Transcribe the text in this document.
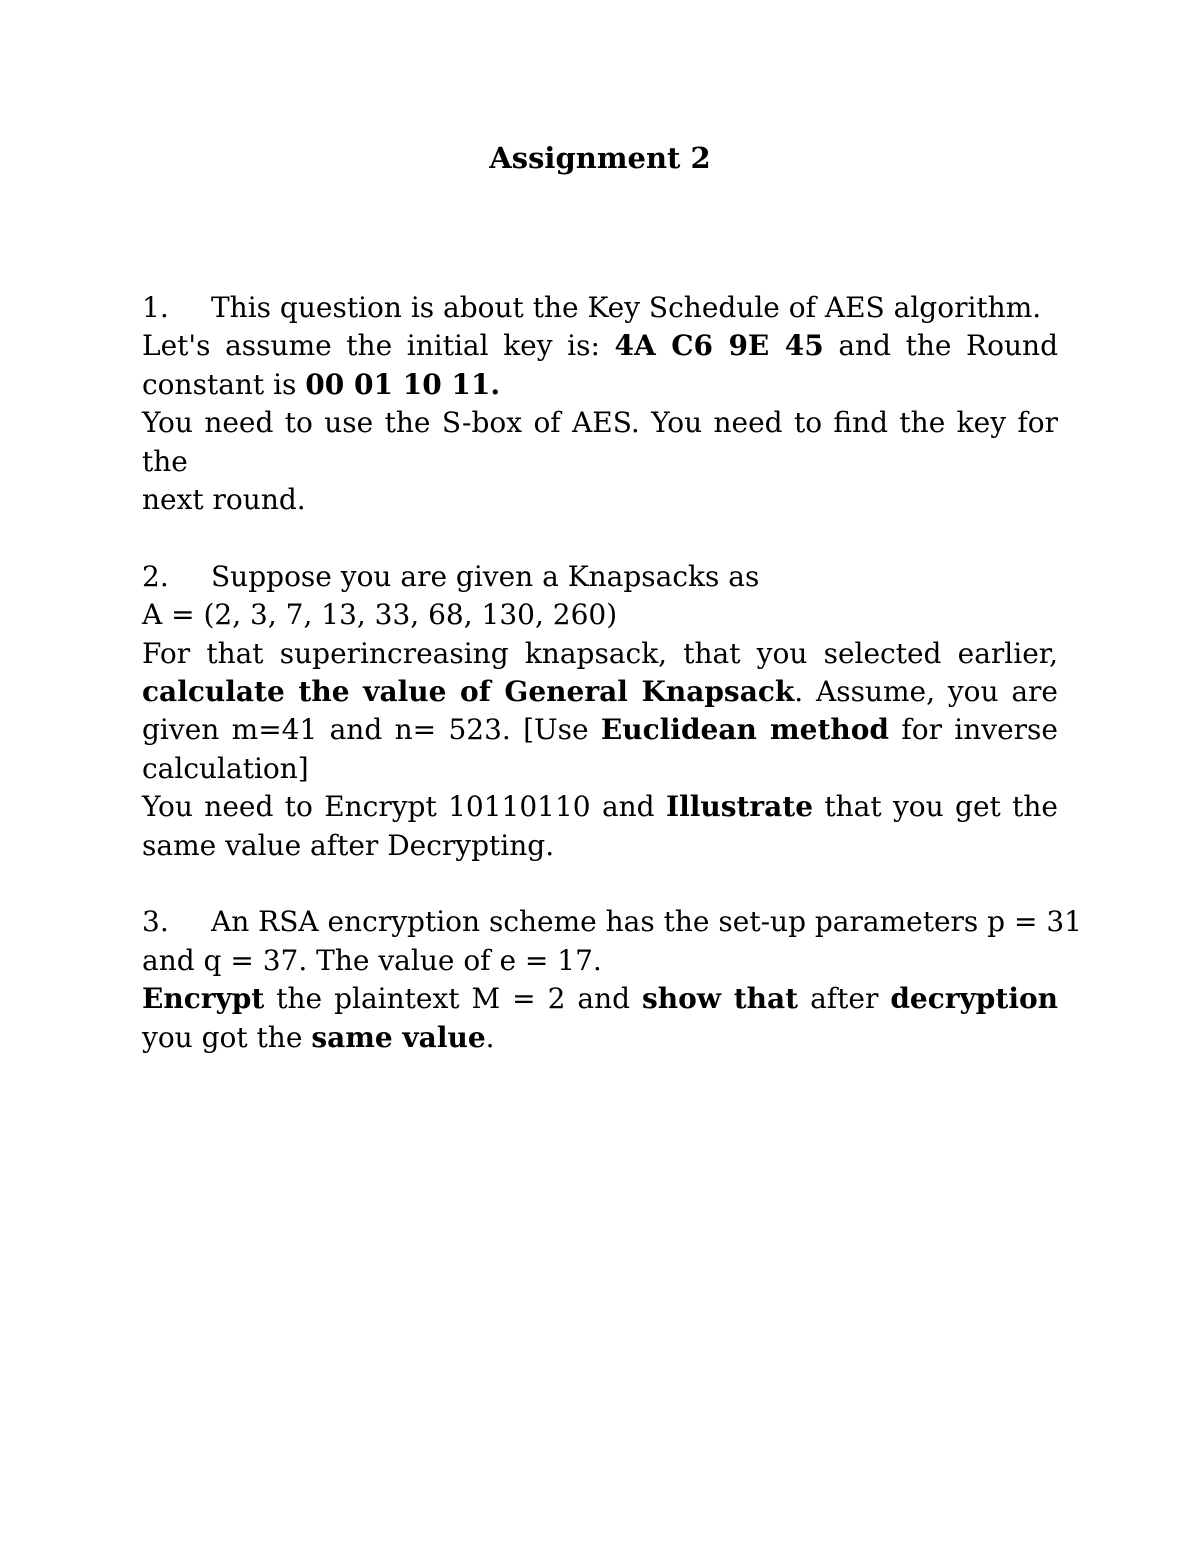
Assignment 2
1.	This question is about the Key Schedule of AES algorithm.
Let's assume the initial key is: 4A C6 9E 45 and the Round
constant is 00 01 10 11.
You need to use the S-box of AES. You need to find the key for the
next round.
2.	Suppose you are given a Knapsacks as
A = (2, 3, 7, 13, 33, 68, 130, 260)
For that superincreasing knapsack, that you selected earlier,
calculate the value of General Knapsack. Assume, you are
given m=41 and n= 523. [Use Euclidean method for inverse
calculation]
You need to Encrypt 10110110 and Illustrate that you get the
same value after Decrypting.
3.	An RSA encryption scheme has the set-up parameters p = 31
and q = 37. The value of e = 17.
Encrypt the plaintext M = 2 and show that after decryption
you got the same value.
